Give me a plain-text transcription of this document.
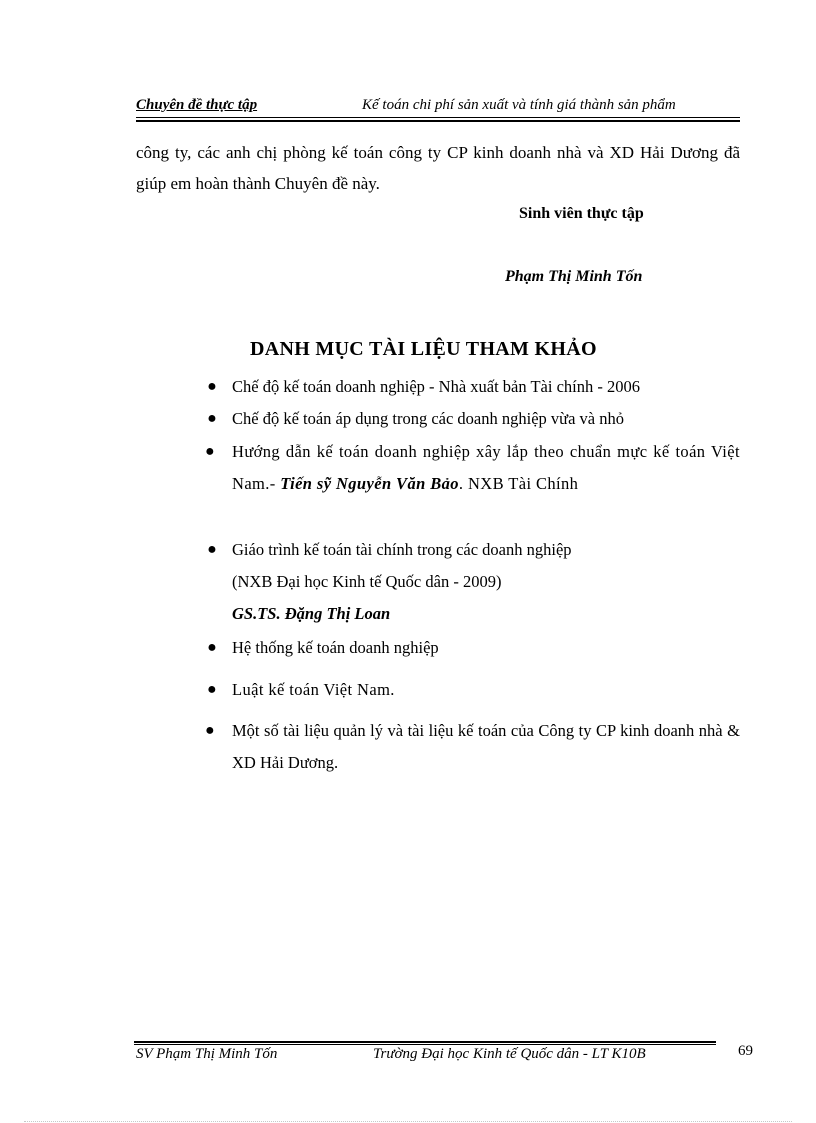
Chuyên đề thực tập	Kế toán chi phí sản xuất và tính giá thành sản phẩm
công ty, các anh chị phòng kế toán công ty CP kinh doanh nhà và XD Hải Dương đã giúp em hoàn thành Chuyên đề này.
Sinh viên thực tập
Phạm Thị Minh Tốn
DANH MỤC TÀI LIỆU THAM KHẢO
● Chế độ kế toán doanh nghiệp - Nhà xuất bản Tài chính - 2006
● Chế độ kế toán áp dụng trong các doanh nghiệp vừa và nhỏ
● Hướng dẫn kế toán doanh nghiệp xây lắp theo chuẩn mực kế toán Việt Nam.- Tiến sỹ Nguyễn Văn Bảo. NXB Tài Chính
● Giáo trình kế toán tài chính trong các doanh nghiệp
(NXB Đại học Kinh tế Quốc dân - 2009)
GS.TS. Đặng Thị Loan
● Hệ thống kế toán doanh nghiệp
● Luật kế toán Việt Nam.
● Một số tài liệu quản lý và tài liệu kế toán của Công ty CP kinh doanh nhà & XD Hải Dương.
SV Phạm Thị Minh Tốn	Trường Đại học Kinh tế Quốc dân - LT K10B	69
